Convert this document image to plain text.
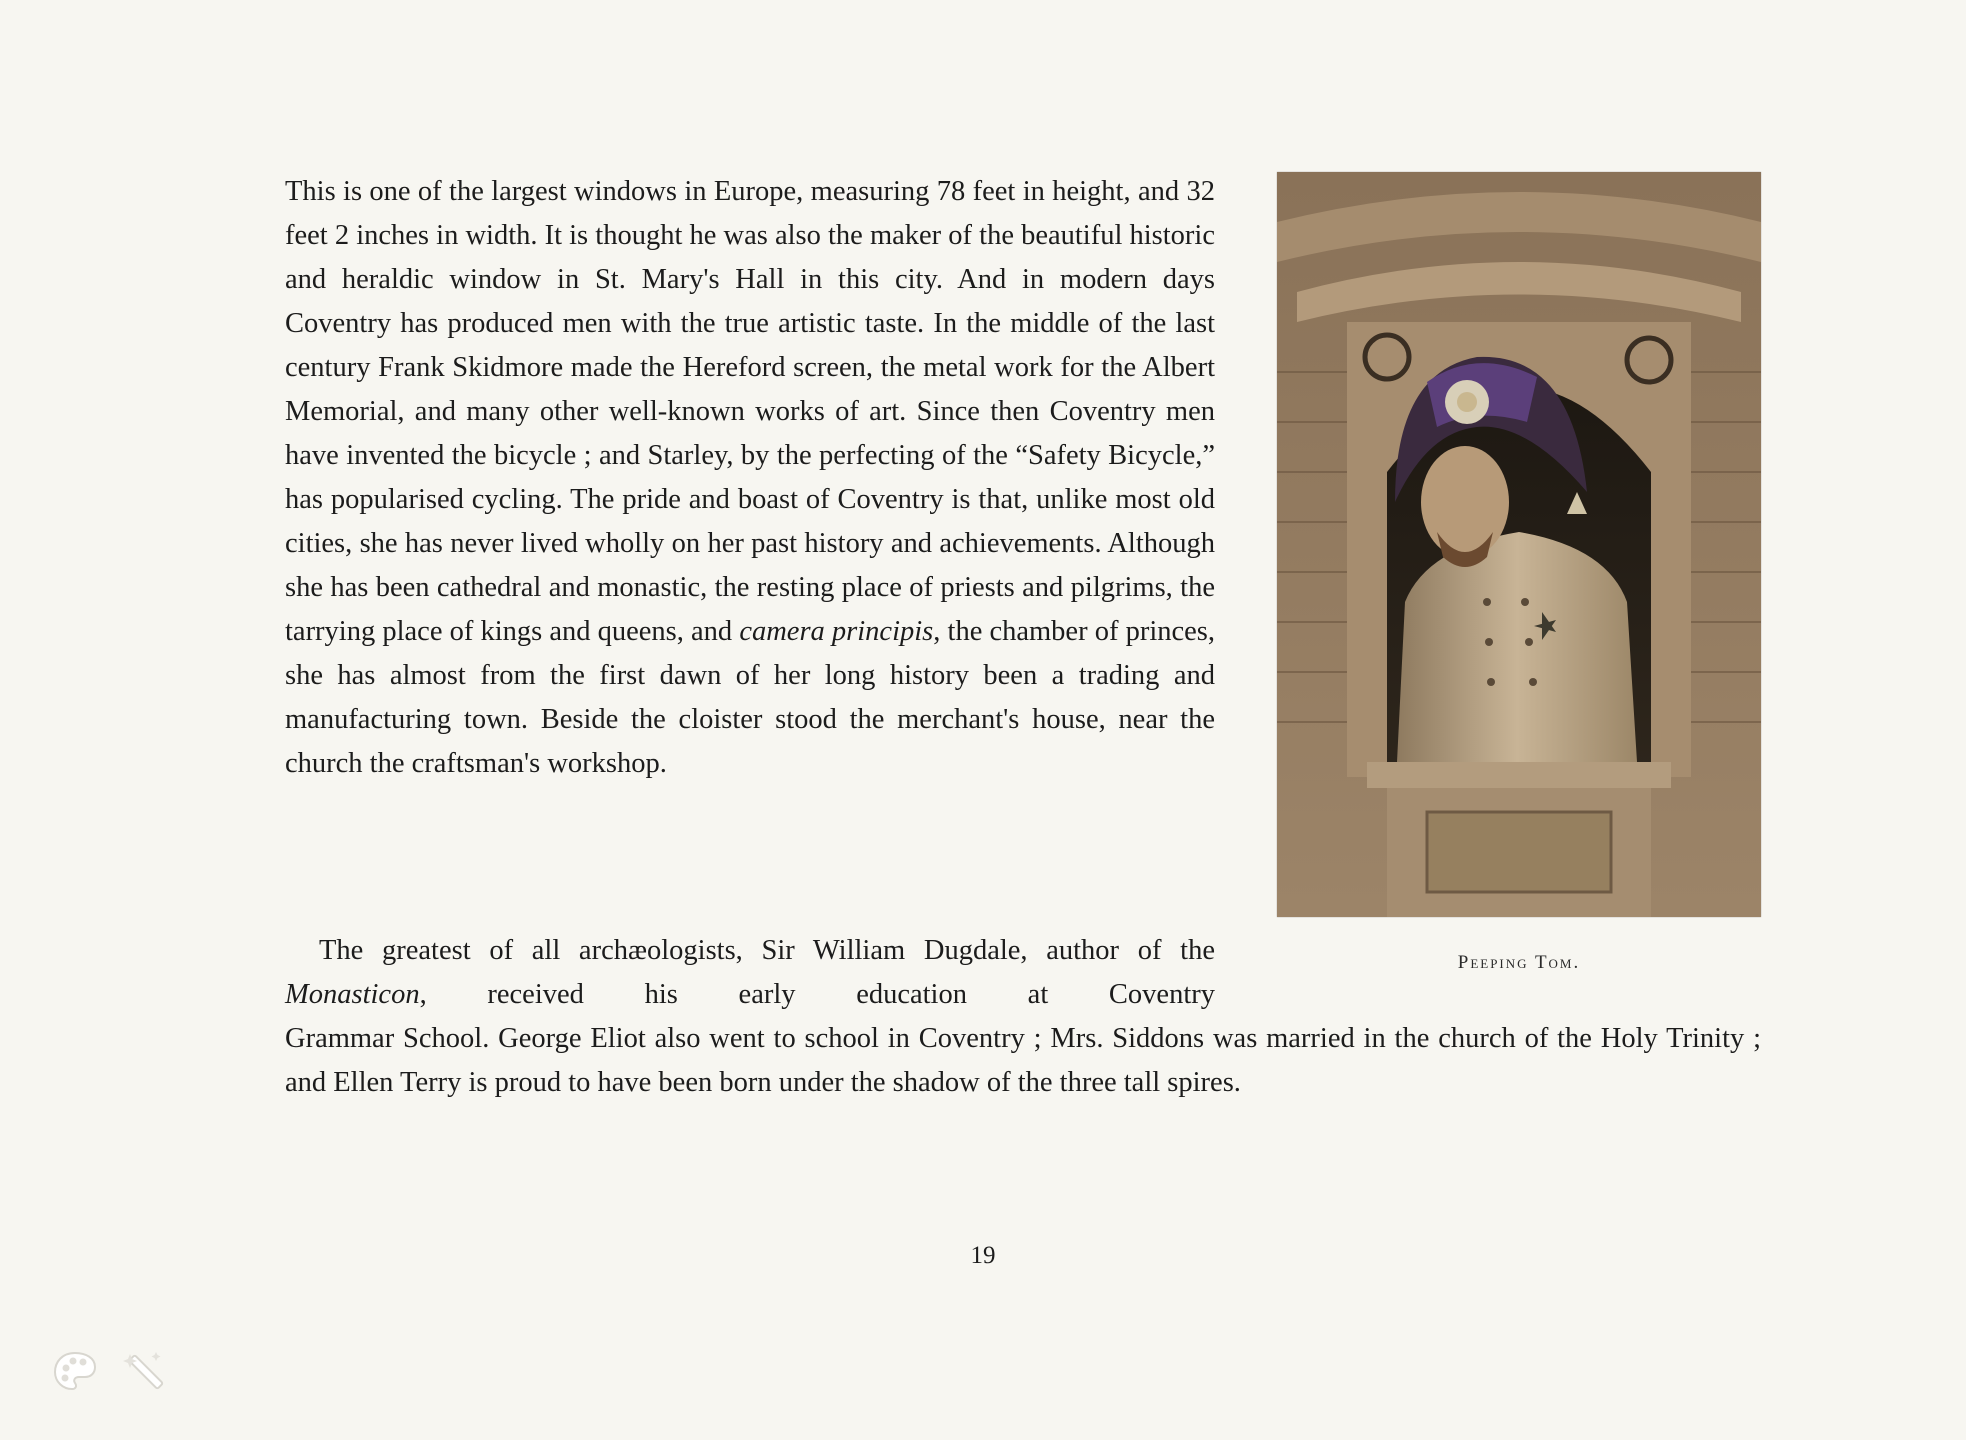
This is one of the largest windows in Europe, measuring 78 feet in height, and 32 feet 2 inches in width. It is thought he was also the maker of the beautiful historic and heraldic window in St. Mary's Hall in this city. And in modern days Coventry has produced men with the true artistic taste. In the middle of the last century Frank Skidmore made the Hereford screen, the metal work for the Albert Memorial, and many other well-known works of art. Since then Coventry men have invented the bicycle ; and Starley, by the perfecting of the “Safety Bicycle,” has popularised cycling. The pride and boast of Coventry is that, unlike most old cities, she has never lived wholly on her past history and achievements. Although she has been cathedral and monastic, the resting place of priests and pilgrims, the tarrying place of kings and queens, and camera principis, the chamber of princes, she has almost from the first dawn of her long history been a trading and manufacturing town. Beside the cloister stood the merchant's house, near the church the craftsman's workshop.

The greatest of all archæologists, Sir William Dugdale, author of the Monasticon, received his early education at Coventry

Grammar School. George Eliot also went to school in Coventry ; Mrs. Siddons was married in the church of the Holy Trinity ; and Ellen Terry is proud to have been born under the shadow of the three tall spires.

Peeping Tom.
19
